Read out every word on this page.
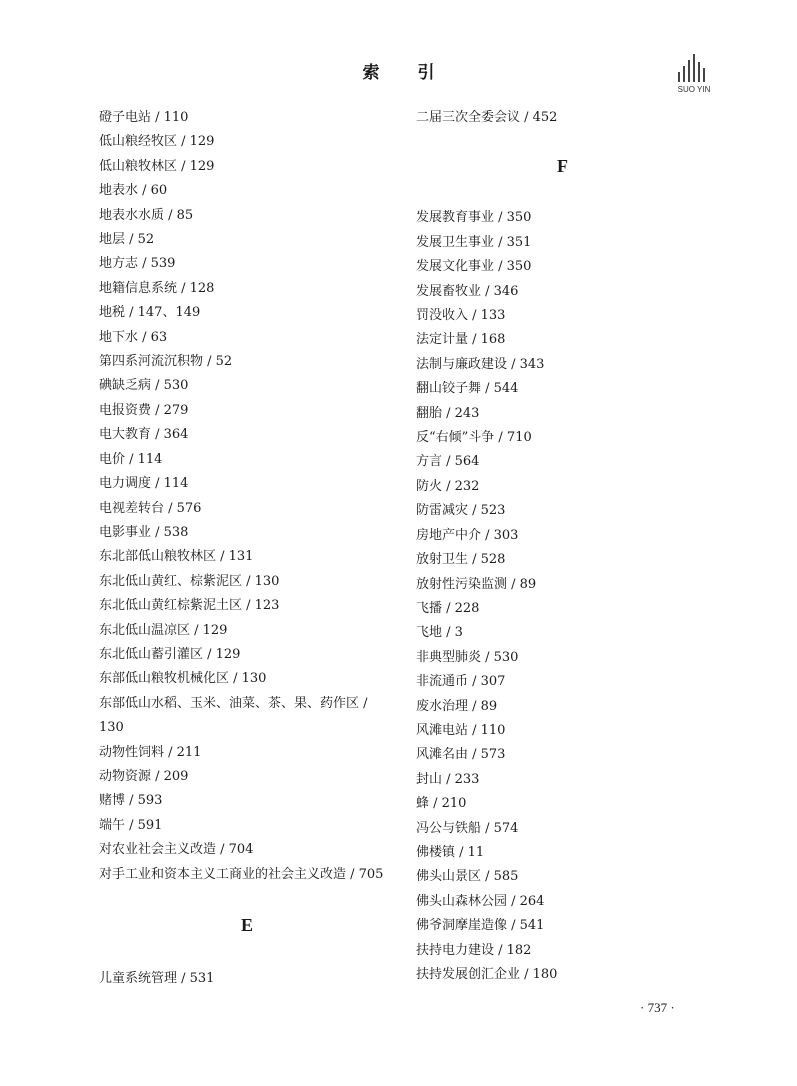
索 引
SUO YIN
磴子电站 / 110
低山粮经牧区 / 129
低山粮牧林区 / 129
地表水 / 60
地表水水质 / 85
地层 / 52
地方志 / 539
地籍信息系统 / 128
地税 / 147、149
地下水 / 63
第四系河流沉积物 / 52
碘缺乏病 / 530
电报资费 / 279
电大教育 / 364
电价 / 114
电力调度 / 114
电视差转台 / 576
电影事业 / 538
东北部低山粮牧林区 / 131
东北低山黄红、棕紫泥区 / 130
东北低山黄红棕紫泥土区 / 123
东北低山温凉区 / 129
东北低山蓄引灌区 / 129
东部低山粮牧机械化区 / 130
东部低山水稻、玉米、油菜、茶、果、药作区 / 130
动物性饲料 / 211
动物资源 / 209
赌博 / 593
端午 / 591
对农业社会主义改造 / 704
对手工业和资本主义工商业的社会主义改造 / 705
E
儿童系统管理 / 531
二届三次全委会议 / 452
F
发展教育事业 / 350
发展卫生事业 / 351
发展文化事业 / 350
发展畜牧业 / 346
罚没收入 / 133
法定计量 / 168
法制与廉政建设 / 343
翻山铰子舞 / 544
翻胎 / 243
反“右倾”斗争 / 710
方言 / 564
防火 / 232
防雷减灾 / 523
房地产中介 / 303
放射卫生 / 528
放射性污染监测 / 89
飞播 / 228
飞地 / 3
非典型肺炎 / 530
非流通币 / 307
废水治理 / 89
风滩电站 / 110
风滩名由 / 573
封山 / 233
蜂 / 210
冯公与铁船 / 574
佛楼镇 / 11
佛头山景区 / 585
佛头山森林公园 / 264
佛爷洞摩崖造像 / 541
扶持电力建设 / 182
扶持发展创汇企业 / 180
· 737 ·
